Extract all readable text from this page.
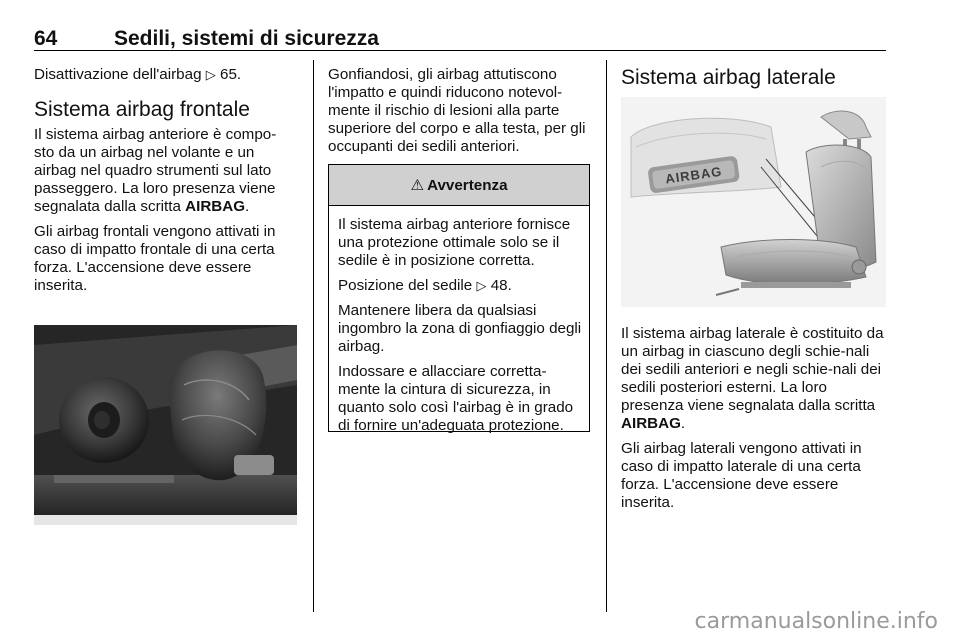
64	Sedili, sistemi di sicurezza

Disattivazione dell'airbag ▷ 65.

Sistema airbag frontale

Il sistema airbag anteriore è compo-sto da un airbag nel volante e un airbag nel quadro strumenti sul lato passeggero. La loro presenza viene segnalata dalla scritta AIRBAG.

Gli airbag frontali vengono attivati in caso di impatto frontale di una certa forza. L'accensione deve essere inserita.

Gonfiandosi, gli airbag attutiscono l'impatto e quindi riducono notevol-mente il rischio di lesioni alla parte superiore del corpo e alla testa, per gli occupanti dei sedili anteriori.

⚠ Avvertenza

Il sistema airbag anteriore fornisce una protezione ottimale solo se il sedile è in posizione corretta.

Posizione del sedile ▷ 48.

Mantenere libera da qualsiasi ingombro la zona di gonfiaggio degli airbag.

Indossare e allacciare corretta-mente la cintura di sicurezza, in quanto solo così l'airbag è in grado di fornire un'adeguata protezione.

Sistema airbag laterale
AIRBAG

Il sistema airbag laterale è costituito da un airbag in ciascuno degli schie-nali dei sedili anteriori e negli schie-nali dei sedili posteriori esterni. La loro presenza viene segnalata dalla scritta AIRBAG.

Gli airbag laterali vengono attivati in caso di impatto laterale di una certa forza. L'accensione deve essere inserita.

carmanualsonline.info
